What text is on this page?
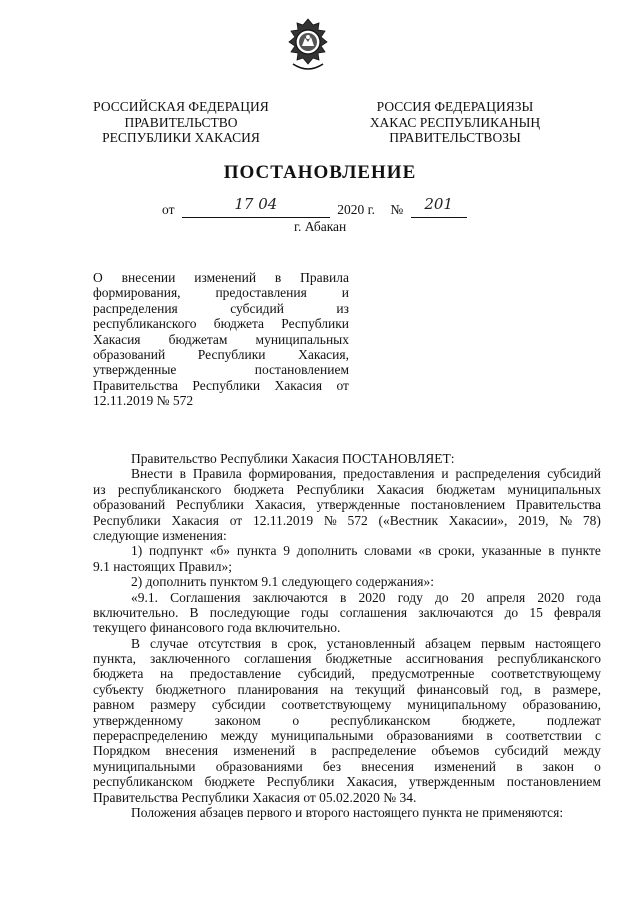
РОССИЙСКАЯ ФЕДЕРАЦИЯ
ПРАВИТЕЛЬСТВО
РЕСПУБЛИКИ ХАКАСИЯ
РОССИЯ ФЕДЕРАЦИЯЗЫ
ХАКАС РЕСПУБЛИКАНЫҢ
ПРАВИТЕЛЬСТВОЗЫ
ПОСТАНОВЛЕНИЕ
от	17 04	2020 г. № 201
г. Абакан
О внесении изменений в Правила
формирования,	предоставления	и
распределения	субсидий	из
республиканского бюджета Республики
Хакасия бюджетам муниципальных
образований Республики Хакасия,
утвержденные	постановлением
Правительства Республики Хакасия от
12.11.2019 № 572
Правительство Республики Хакасия ПОСТАНОВЛЯЕТ:
Внести в Правила формирования, предоставления и распределения субсидий
из республиканского бюджета Республики Хакасия бюджетам муниципальных
образований Республики Хакасия, утвержденные постановлением Правительства
Республики Хакасия от 12.11.2019 № 572 («Вестник Хакасии», 2019, № 78)
следующие изменения:
1) подпункт «б» пункта 9 дополнить словами «в сроки, указанные в пункте
9.1 настоящих Правил»;
2) дополнить пунктом 9.1 следующего содержания»:
«9.1. Соглашения заключаются в 2020 году до 20 апреля 2020 года
включительно. В последующие годы соглашения заключаются до 15 февраля
текущего финансового года включительно.
В случае отсутствия в срок, установленный абзацем первым настоящего
пункта, заключенного соглашения бюджетные ассигнования республиканского
бюджета на предоставление субсидий, предусмотренные соответствующему
субъекту бюджетного планирования на текущий финансовый год, в размере,
равном размеру субсидии соответствующему муниципальному образованию,
утвержденному законом о республиканском бюджете, подлежат
перераспределению между муниципальными образованиями в соответствии с
Порядком внесения изменений в распределение объемов субсидий между
муниципальными образованиями без внесения изменений в закон о
республиканском бюджете Республики Хакасия, утвержденным постановлением
Правительства Республики Хакасия от 05.02.2020 № 34.
Положения абзацев первого и второго настоящего пункта не применяются:
